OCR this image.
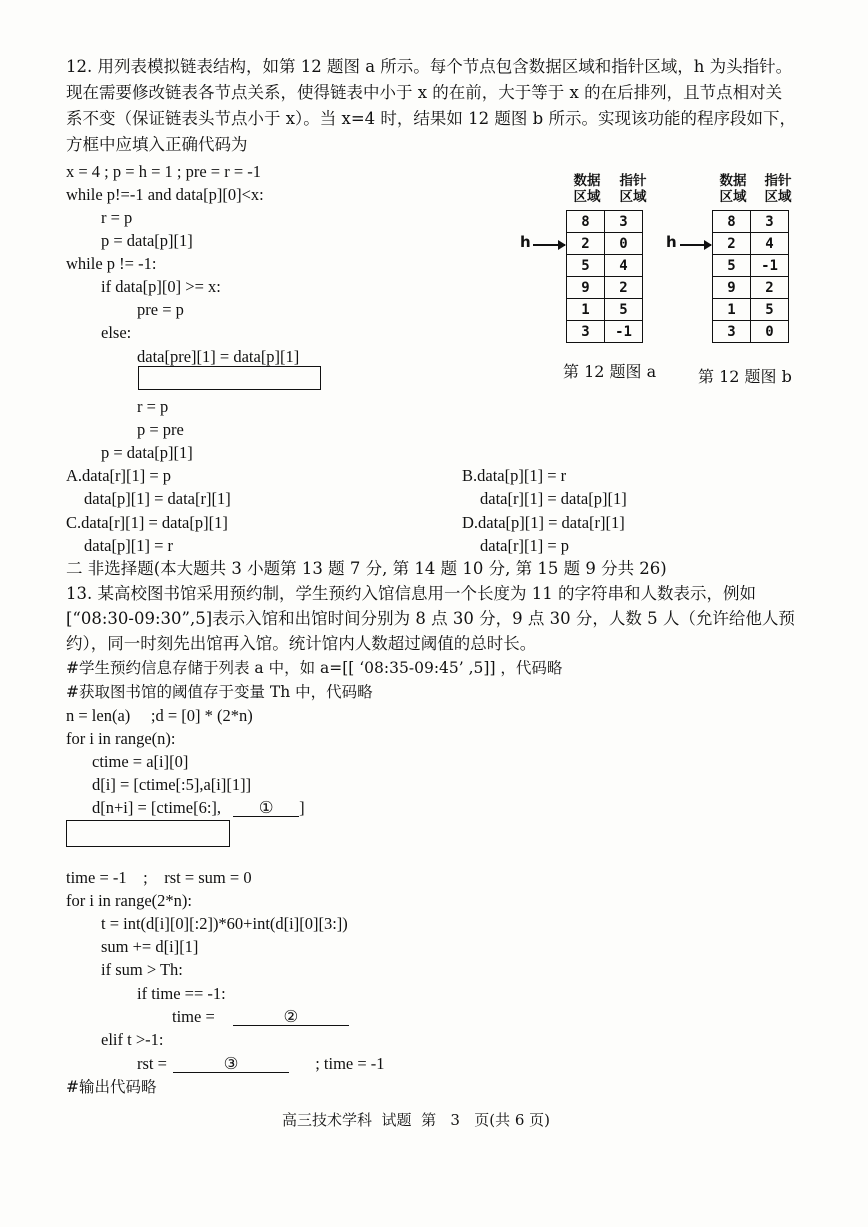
12. 用列表模拟链表结构，如第 12 题图 a 所示。每个节点包含数据区域和指针区域，h 为头指针。
现在需要修改链表各节点关系，使得链表中小于 x 的在前，大于等于 x 的在后排列，且节点相对关
系不变（保证链表头节点小于 x）。当 x=4 时，结果如 12 题图 b 所示。实现该功能的程序段如下，
方框中应填入正确代码为
x = 4 ; p = h = 1 ; pre = r = -1
while p!=-1 and data[p][0]<x:
r = p
p = data[p][1]
while p != -1:
if data[p][0] >= x:
pre = p
else:
data[pre][1] = data[p][1]
r = p
p = pre
p = data[p][1]
数据
区域
指针
区域
h
8	3
2	0
5	4
9	2
1	5
3	-1
第 12 题图 a
数据
区域
指针
区域
h
8	3
2	4
5	-1
9	2
1	5
3	0
第 12 题图 b
A.data[r][1] = p
data[p][1] = data[r][1]
B.data[p][1] = r
data[r][1] = data[p][1]
C.data[r][1] = data[p][1]
data[p][1] = r
D.data[p][1] = data[r][1]
data[r][1] = p
二 非选择题(本大题共 3 小题第 13 题 7 分, 第 14 题 10 分, 第 15 题 9 分共 26)
13. 某高校图书馆采用预约制，学生预约入馆信息用一个长度为 11 的字符串和人数表示，例如
[“08:30-09:30”,5]表示入馆和出馆时间分别为 8 点 30 分，9 点 30 分，人数 5 人（允许给他人预
约），同一时刻先出馆再入馆。统计馆内人数超过阈值的总时长。
#学生预约信息存储于列表 a 中，如 a=[[ ‘08:35-09:45’ ,5]] ，代码略
#获取图书馆的阈值存于变量 Th 中，代码略
n = len(a)     ;d = [0] * (2*n)
for i in range(n):
ctime = a[i][0]
d[i] = [ctime[:5],a[i][1]]
d[n+i] = [ctime[6:], ① ]
time = -1    ;    rst = sum = 0
for i in range(2*n):
t = int(d[i][0][:2])*60+int(d[i][0][3:])
sum += d[i][1]
if sum > Th:
if time == -1:
time =	②
elif t >-1:
rst =	③	; time = -1
#输出代码略
高三技术学科  试题  第   3   页(共 6 页)
